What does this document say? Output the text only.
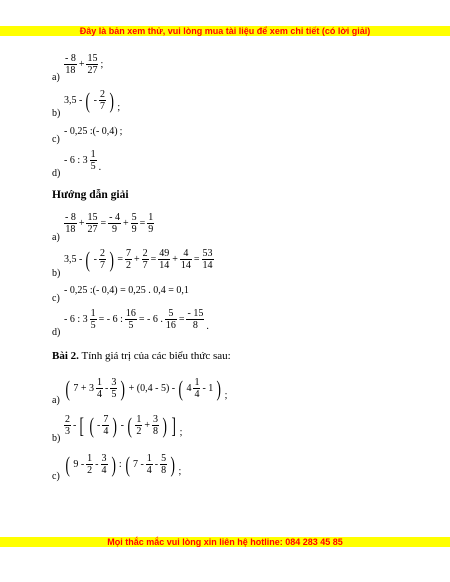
Đây là bản xem thử, vui lòng mua tài liệu để xem chi tiết (có lời giải)
a)
$\frac{- 8}{18} + \frac{15}{27}$ ;
b)
3,5 - ( - $\frac{2}{7}$ ) ;
c)
- 0,25 :(- 0,4) ;
d)
- 6 : $3 \frac{1}{5}$ .
Hướng dẫn giải
a)
$\frac{- 8}{18} + \frac{15}{27} = \frac{- 4}{9} + \frac{5}{9} = \frac{1}{9}$
b)
3,5 - ( - $\frac{2}{7}$ ) = $\frac{7}{2} + \frac{2}{7} = \frac{49}{14} + \frac{4}{14} = \frac{53}{14}$
c)
- 0,25 :(- 0,4) = 0,25 . 0,4 = 0,1
d)
- 6 : $3 \frac{1}{5}$ = - 6 : $\frac{16}{5}$ = - 6 . $\frac{5}{16} = \frac{- 15}{8}$ .
Bài 2. Tính giá trị của các biểu thức sau:
a) ( $7 + 3 \frac{1}{4} - \frac{3}{5}$ ) + (0,4 - 5) - ( $4 \frac{1}{4} - 1$ ) ;
b)
$\frac{2}{3}$ - [ ( - $\frac{7}{4}$ ) - ( $\frac{1}{2} + \frac{3}{8}$ ) ] ;
c) ( $9 - \frac{1}{2} - \frac{3}{4}$ ) : ( $7 - \frac{1}{4} - \frac{5}{8}$ ) ;
Mọi thắc mắc vui lòng xin liên hệ hotline: 084 283 45 85
